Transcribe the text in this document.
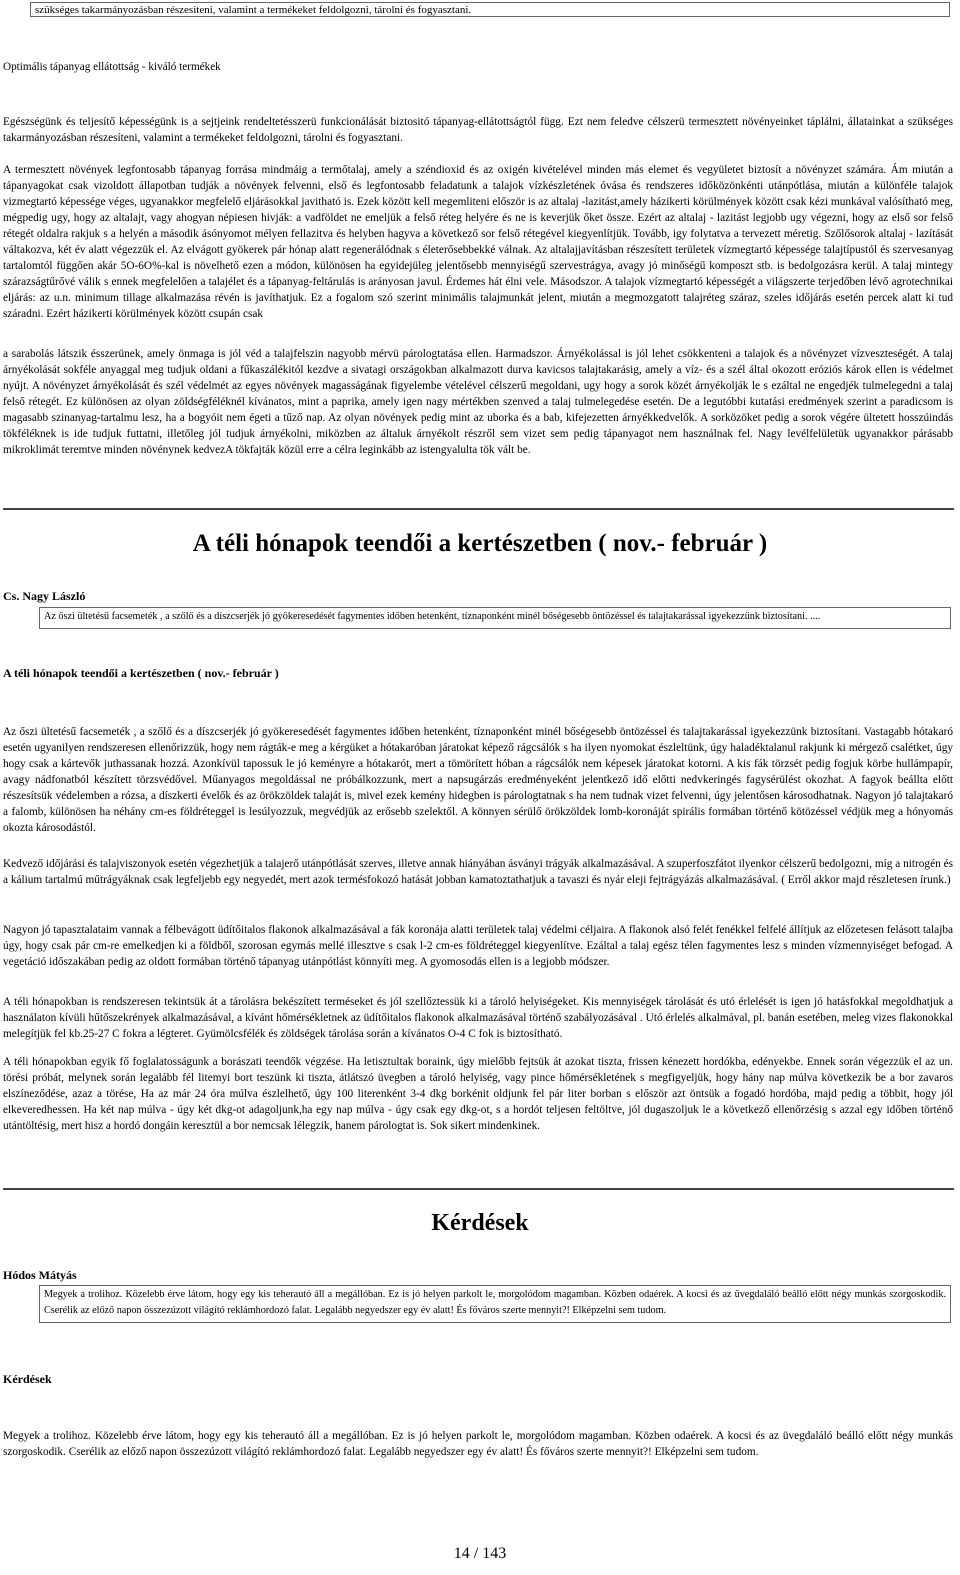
szükséges takarmányozásban részesíteni, valamint a termékeket feldolgozni, tárolni és fogyasztani.
Optimális tápanyag ellátottság - kiváló termékek

Egészségünk és teljesítő képességünk is a sejtjeink rendeltetésszerü funkcionálását biztositó tápanyag-ellátottságtól függ. Ezt nem feledve célszerü termesztett növényeinket táplálni, állatainkat a szükséges takarmányozásban részesíteni, valamint a termékeket feldolgozni, tárolni és fogyasztani.

A termesztett növények legfontosabb tápanyag forrása mindmáig a termőtalaj, amely a széndioxid és az oxigén kivételével minden más elemet és vegyületet biztosít a növényzet számára. Ám miután a tápanyagokat csak vizoldott állapotban tudják a növények felvenni, első és legfontosabb feladatunk a talajok vízkészletének óvása és rendszeres időközönkénti utánpótlása, miután a különféle talajok vizmegtartó képessége véges, ugyanakkor megfelelő eljárásokkal javitható is. Ezek között kell megemliteni először is az altalaj -lazitást,amely házikerti körülmények között csak kézi munkával valósítható meg, mégpedig ugy, hogy az altalajt, vagy ahogyan népiesen hivják: a vadföldet ne emeljük a felső réteg helyére és ne is keverjük őket össze. Ezért az altalaj - lazitást legjobb ugy végezni, hogy az első sor felső rétegét oldalra rakjuk s a helyén a második ásónyomot mélyen fellazitva és helyben hagyva a következő sor felső rétegével kiegyenlítjük. Tovább, igy folytatva a tervezett méretig. Szőlősorok altalaj - lazítását váltakozva, két év alatt végezzük el. Az elvágott gyökerek pár hónap alatt regenerálódnak s életerősebbekké válnak. Az altalajjavításban részesített területek vízmegtartó képessége talajtípustól és szervesanyag tartalomtól függően akár 5O-6O%-kal is növelhető ezen a módon, különösen ha egyidejüleg jelentősebb mennyiségű szervestrágya, avagy jó minőségű komposzt stb. is bedolgozásra kerül. A talaj mintegy szárazságtűrővé válik s ennek megfelelően a talajélet és a tápanyag-feltárulás is arányosan javul. Érdemes hát élni vele. Másodszor. A talajok vízmegtartó képességét a világszerte terjedőben lévő agrotechnikai eljárás: az u.n. minimum tillage alkalmazása révén is javíthatjuk. Ez a fogalom szó szerint minimális talajmunkát jelent, miután a megmozgatott talajréteg száraz, szeles időjárás esetén percek alatt ki tud száradni. Ezért házikerti körülmények között csupán csak

a sarabolás látszik ésszerünek, amely önmaga is jól véd a talajfelszin nagyobb mérvü párologtatása ellen. Harmadszor. Árnyékolással is jól lehet csökkenteni a talajok és a növényzet vízveszteségét. A talaj árnyékolását sokféle anyaggal meg tudjuk oldani a fűkaszálékitól kezdve a sivatagi országokban alkalmazott durva kavicsos talajtakarásig, amely a víz- és a szél által okozott eróziós károk ellen is védelmet nyújt. A növényzet árnyékolását és szél védelmét az egyes növények magasságának figyelembe vételével célszerű megoldani, ugy hogy a sorok közét árnyékolják le s ezáltal ne engedjék tulmelegedni a talaj felső rétegét. Ez különösen az olyan zöldségféléknél kívánatos, mint a paprika, amely igen nagy mértékben szenved a talaj tulmelegedése esetén. De a legutóbbi kutatási eredmények szerint a paradicsom is magasabb szinanyag-tartalmu lesz, ha a bogyóit nem égeti a tűző nap. Az olyan növények pedig mint az uborka és a bab, kifejezetten árnyékkedvelők. A sorközöket pedig a sorok végére ültetett hosszúindás tökféléknek is ide tudjuk futtatni, illetőleg jól tudjuk árnyékolni, miközben az általuk árnyékolt részről sem vizet sem pedig tápanyagot nem használnak fel. Nagy levélfelületük ugyanakkor párásabb mikroklimát teremtve minden növénynek kedvezA tökfajták közül erre a célra leginkább az istengyalulta tök vált be.

A téli hónapok teendői a kertészetben ( nov.- február )
Cs. Nagy László
Az őszi ültetésű facsemeték , a szőlő és a díszcserjék jó gyökeresedését fagymentes időben hetenként, tíznaponként minél bőségesebb öntözéssel és talajtakarással igyekezzünk biztosítani. ....
A téli hónapok teendői a kertészetben ( nov.- február )

Az őszi ültetésű facsemeték , a szőlő és a díszcserjék jó gyökeresedését fagymentes időben hetenként, tíznaponként minél bőségesebb öntözéssel és talajtakarással igyekezzünk biztosítani. Vastagabb hótakaró esetén ugyanilyen rendszeresen ellenőrizzük, hogy nem rágták-e meg a kérgüket a hótakaróban járatokat képező rágcsálók s ha ilyen nyomokat észleltünk, úgy haladéktalanul rakjunk ki mérgező csalétket, úgy hogy csak a kártevők juthassanak hozzá. Azonkívül tapossuk le jó keményre a hótakarót, mert a tömörített hóban a rágcsálók nem képesek járatokat kotorni. A kis fák törzsét pedig fogjuk körbe hullámpapír, avagy nádfonatból készített törzsvédővel. Műanyagos megoldással ne próbálkozzunk, mert a napsugárzás eredményeként jelentkező idő előtti nedvkeringés fagysérülést okozhat. A fagyok beállta előtt részesítsük védelemben a rózsa, a díszkerti évelők és az örökzöldek talaját is, mivel ezek kemény hidegben is párologtatnak s ha nem tudnak vizet felvenni, úgy jelentősen károsodhatnak. Nagyon jó talajtakaró a falomb, különösen ha néhány cm-es földréteggel is lesúlyozzuk, megvédjük az erősebb szelektől. A könnyen sérülő örökzöldek lomb-koronáját spirális formában történő kötözéssel védjük meg a hónyomás okozta károsodástól.

Kedvező időjárási és talajviszonyok esetén végezhetjük a talajerő utánpótlását szerves, illetve annak hiányában ásványi trágyák alkalmazásával. A szuperfoszfátot ilyenkor célszerű bedolgozni, míg a nitrogén és a kálium tartalmú műtrágyáknak csak legfeljebb egy negyedét, mert azok termésfokozó hatását jobban kamatoztathatjuk a tavaszi és nyár eleji fejtrágyázás alkalmazásával. ( Erről akkor majd részletesen írunk.)

Nagyon jó tapasztalataim vannak a félbevágott üdítőitalos flakonok alkalmazásával a fák koronája alatti területek talaj védelmi céljaira. A flakonok alsó felét fenékkel felfelé állítjuk az előzetesen felásott talajba úgy, hogy csak pár cm-re emelkedjen ki a földből, szorosan egymás mellé illesztve s csak l-2 cm-es földréteggel kiegyenlítve. Ezáltal a talaj egész télen fagymentes lesz s minden vízmennyiséget befogad. A vegetáció időszakában pedig az oldott formában történő tápanyag utánpótlást könnyíti meg. A gyomosodás ellen is a legjobb módszer.

A téli hónapokban is rendszeresen tekintsük át a tárolásra bekészített terméseket és jól szellőztessük ki a tároló helyiségeket. Kis mennyiségek tárolását és utó érlelését is igen jó hatásfokkal megoldhatjuk a használaton kívüli hűtőszekrények alkalmazásával, a kívánt hőmérsékletnek az üdítőitalos flakonok alkalmazásával történő szabályozásával . Utó érlelés alkalmával, pl. banán esetében, meleg vizes flakonokkal melegítjük fel kb.25-27 C fokra a légteret. Gyümölcsfélék és zöldségek tárolása során a kívánatos O-4 C fok is biztosítható.

A téli hónapokban egyik fő foglalatosságunk a borászati teendők végzése. Ha letisztultak boraink, úgy mielőbb fejtsük át azokat tiszta, frissen kénezett hordókba, edényekbe. Ennek során végezzük el az un. törési próbát, melynek során legalább fél litemyi bort teszünk ki tiszta, átlátszó üvegben a tároló helyiség, vagy pince hőmérsékletének s megfigyeljük, hogy hány nap múlva következik be a bor zavaros elszíneződése, azaz a törése, Ha az már 24 óra múlva észlelhető, úgy 100 literenként 3-4 dkg borkénit oldjunk fel pár liter borban s először azt öntsük a fogadó hordóba, majd pedig a többit, hogy jól elkeveredhessen. Ha két nap múlva - úgy két dkg-ot adagoljunk,ha egy nap múlva - úgy csak egy dkg-ot, s a hordót teljesen feltöltve, jól dugaszoljuk le a következő ellenőrzésig s azzal egy időben történő utántöltésig, mert hisz a hordó dongáin keresztül a bor nemcsak lélegzik, hanem párologtat is. Sok sikert mindenkinek.

Kérdések
Hódos Mátyás
Megyek a trolihoz. Közelebb érve látom, hogy egy kis teherautó áll a megállóban. Ez is jó helyen parkolt le, morgolódom magamban. Közben odaérek. A kocsi és az üvegdaláló beálló előtt négy munkás szorgoskodik. Cserélik az előző napon összezúzott világító reklámhordozó falat. Legalább negyedszer egy év alatt! És főváros szerte mennyit?! Elképzelni sem tudom.
Kérdések

Megyek a trolihoz. Közelebb érve látom, hogy egy kis teherautó áll a megállóban. Ez is jó helyen parkolt le, morgolódom magamban. Közben odaérek. A kocsi és az üvegdaláló beálló előtt négy munkás szorgoskodik. Cserélik az előző napon összezúzott világító reklámhordozó falat. Legalább negyedszer egy év alatt! És főváros szerte mennyit?! Elképzelni sem tudom.

14 / 143
